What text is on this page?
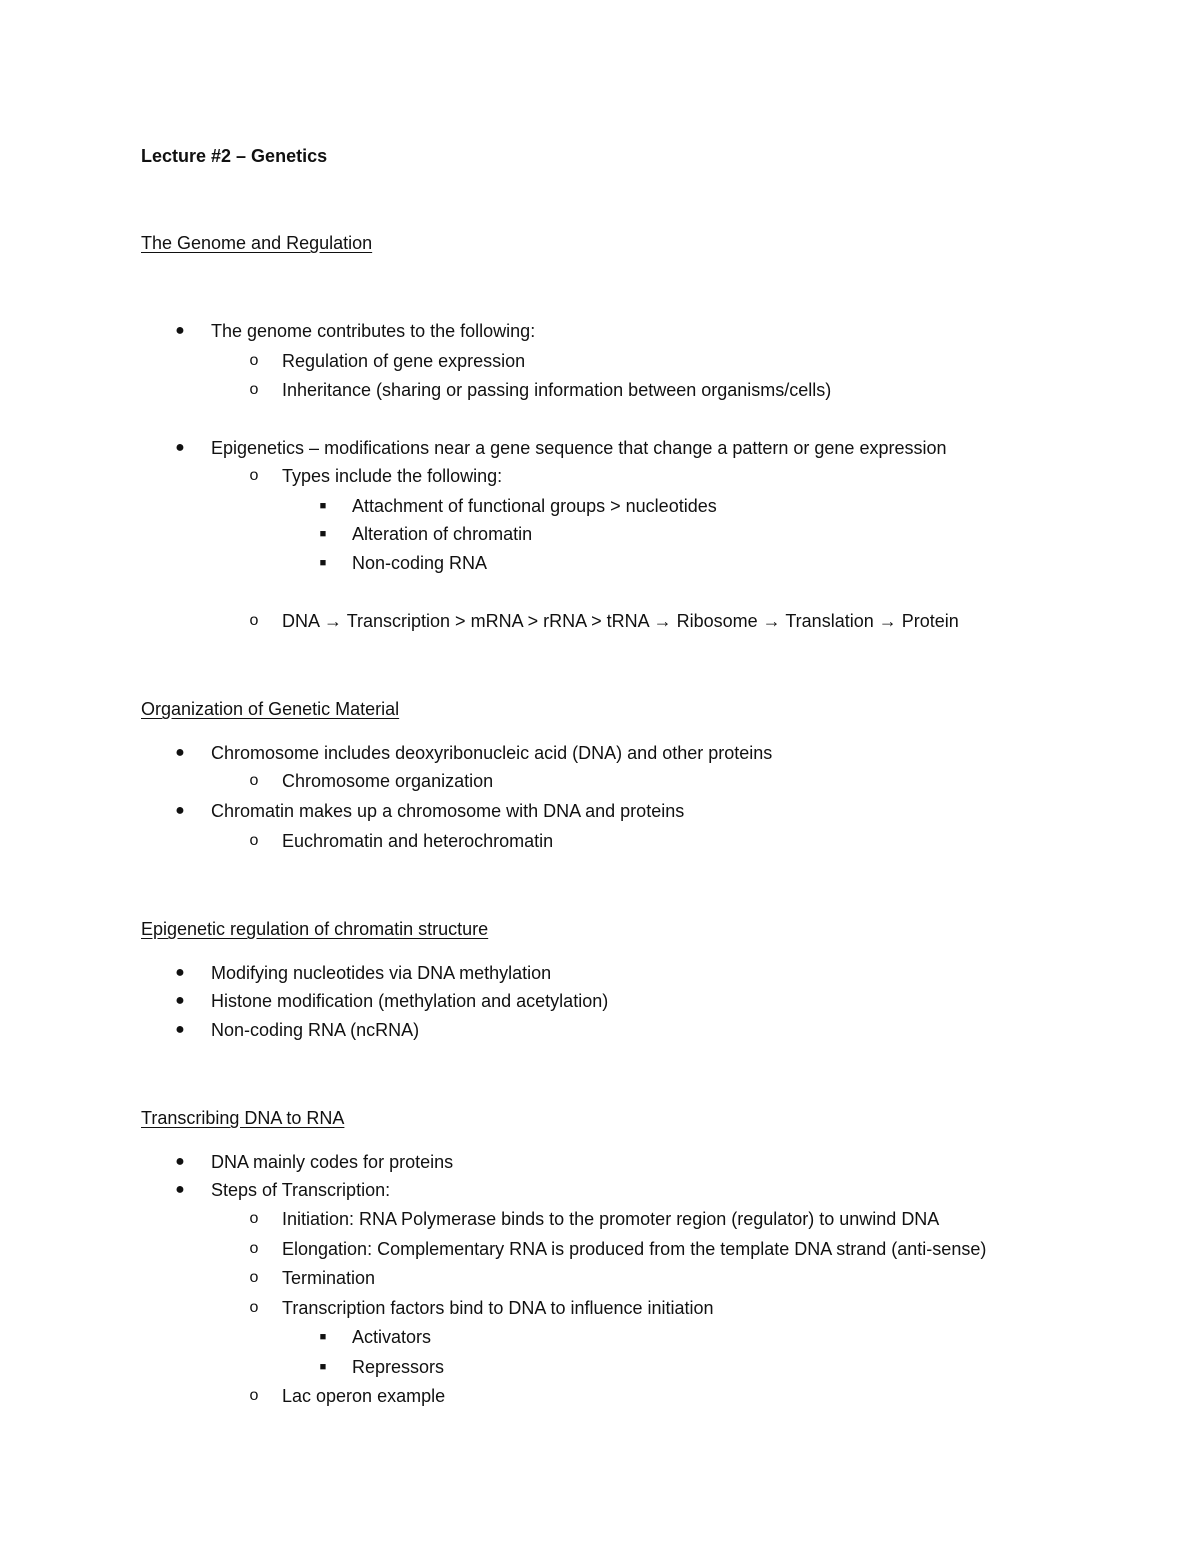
Lecture #2 – Genetics
The Genome and Regulation
● The genome contributes to the following:
o Regulation of gene expression
o Inheritance (sharing or passing information between organisms/cells)
● Epigenetics – modifications near a gene sequence that change a pattern or gene expression
o Types include the following:
■ Attachment of functional groups > nucleotides
■ Alteration of chromatin
■ Non-coding RNA
o DNA → Transcription > mRNA > rRNA > tRNA → Ribosome → Translation → Protein
Organization of Genetic Material
● Chromosome includes deoxyribonucleic acid (DNA) and other proteins
o Chromosome organization
● Chromatin makes up a chromosome with DNA and proteins
o Euchromatin and heterochromatin
Epigenetic regulation of chromatin structure
● Modifying nucleotides via DNA methylation
● Histone modification (methylation and acetylation)
● Non-coding RNA (ncRNA)
Transcribing DNA to RNA
● DNA mainly codes for proteins
● Steps of Transcription:
o Initiation: RNA Polymerase binds to the promoter region (regulator) to unwind DNA
o Elongation: Complementary RNA is produced from the template DNA strand (anti-sense)
o Termination
o Transcription factors bind to DNA to influence initiation
■ Activators
■ Repressors
o Lac operon example
